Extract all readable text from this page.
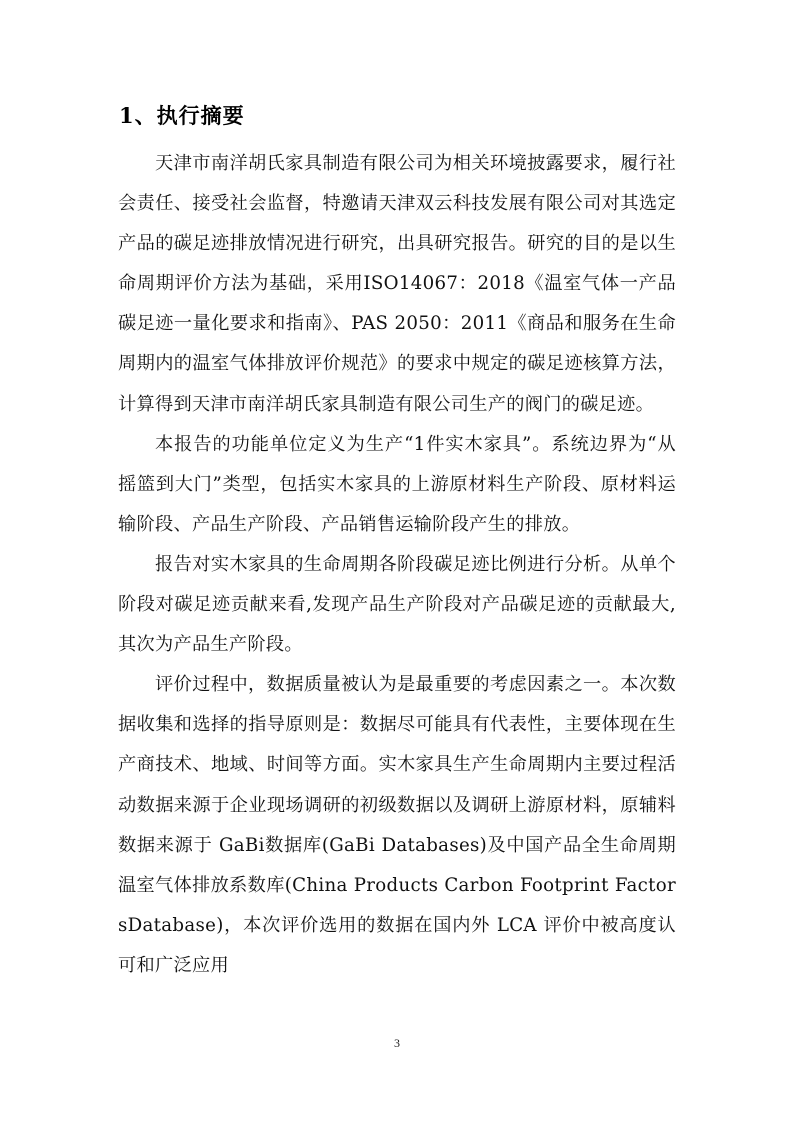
1、执行摘要

天津市南洋胡氏家具制造有限公司为相关环境披露要求，履行社会责任、接受社会监督，特邀请天津双云科技发展有限公司对其选定产品的碳足迹排放情况进行研究，出具研究报告。研究的目的是以生命周期评价方法为基础，采用ISO14067：2018《温室气体一产品碳足迹一量化要求和指南》、PAS 2050：2011《商品和服务在生命周期内的温室气体排放评价规范》的要求中规定的碳足迹核算方法，计算得到天津市南洋胡氏家具制造有限公司生产的阀门的碳足迹。

本报告的功能单位定义为生产“1件实木家具”。系统边界为“从摇篮到大门”类型，包括实木家具的上游原材料生产阶段、原材料运输阶段、产品生产阶段、产品销售运输阶段产生的排放。

报告对实木家具的生命周期各阶段碳足迹比例进行分析。从单个阶段对碳足迹贡献来看,发现产品生产阶段对产品碳足迹的贡献最大,其次为产品生产阶段。

评价过程中，数据质量被认为是最重要的考虑因素之一。本次数据收集和选择的指导原则是：数据尽可能具有代表性，主要体现在生产商技术、地域、时间等方面。实木家具生产生命周期内主要过程活动数据来源于企业现场调研的初级数据以及调研上游原材料，原辅料数据来源于 GaBi数据库(GaBi Databases)及中国产品全生命周期温室气体排放系数库(China Products Carbon Footprint FactorsDatabase)，本次评价选用的数据在国内外 LCA 评价中被高度认可和广泛应用

3
